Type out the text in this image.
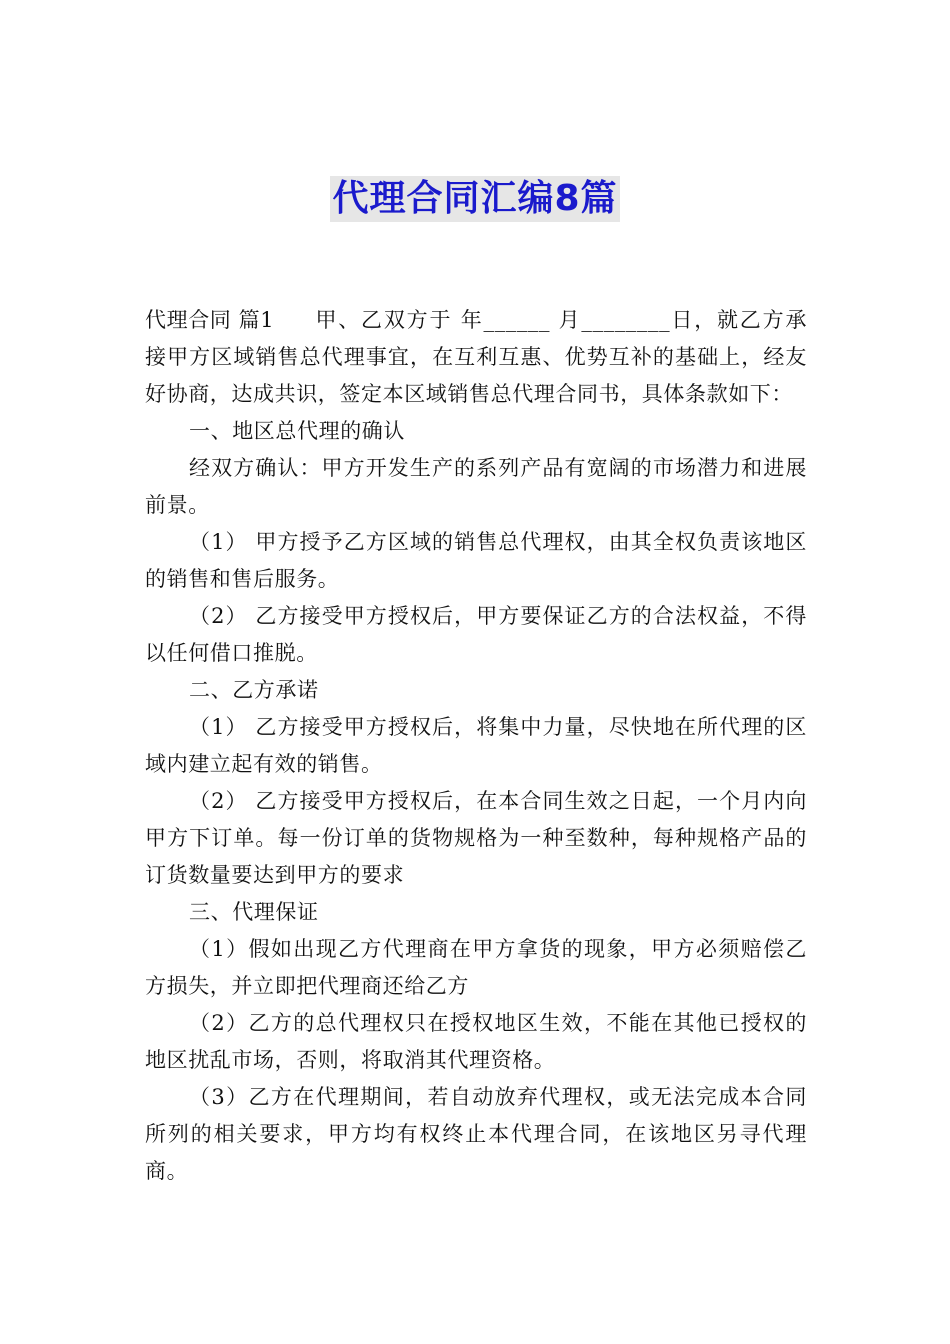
代理合同汇编8篇

代理合同 篇1 甲、乙双方于 年______ 月________日，就乙方承接甲方区域销售总代理事宜，在互利互惠、优势互补的基础上，经友好协商，达成共识，签定本区域销售总代理合同书，具体条款如下：

一、地区总代理的确认

经双方确认：甲方开发生产的系列产品有宽阔的市场潜力和进展前景。

（1） 甲方授予乙方区域的销售总代理权，由其全权负责该地区的销售和售后服务。

（2） 乙方接受甲方授权后，甲方要保证乙方的合法权益，不得以任何借口推脱。

二、乙方承诺

（1） 乙方接受甲方授权后，将集中力量，尽快地在所代理的区域内建立起有效的销售。

（2） 乙方接受甲方授权后，在本合同生效之日起，一个月内向甲方下订单。每一份订单的货物规格为一种至数种，每种规格产品的订货数量要达到甲方的要求

三、代理保证

（1）假如出现乙方代理商在甲方拿货的现象，甲方必须赔偿乙方损失，并立即把代理商还给乙方

（2）乙方的总代理权只在授权地区生效，不能在其他已授权的地区扰乱市场，否则，将取消其代理资格。

（3）乙方在代理期间，若自动放弃代理权，或无法完成本合同所列的相关要求，甲方均有权终止本代理合同，在该地区另寻代理商。
